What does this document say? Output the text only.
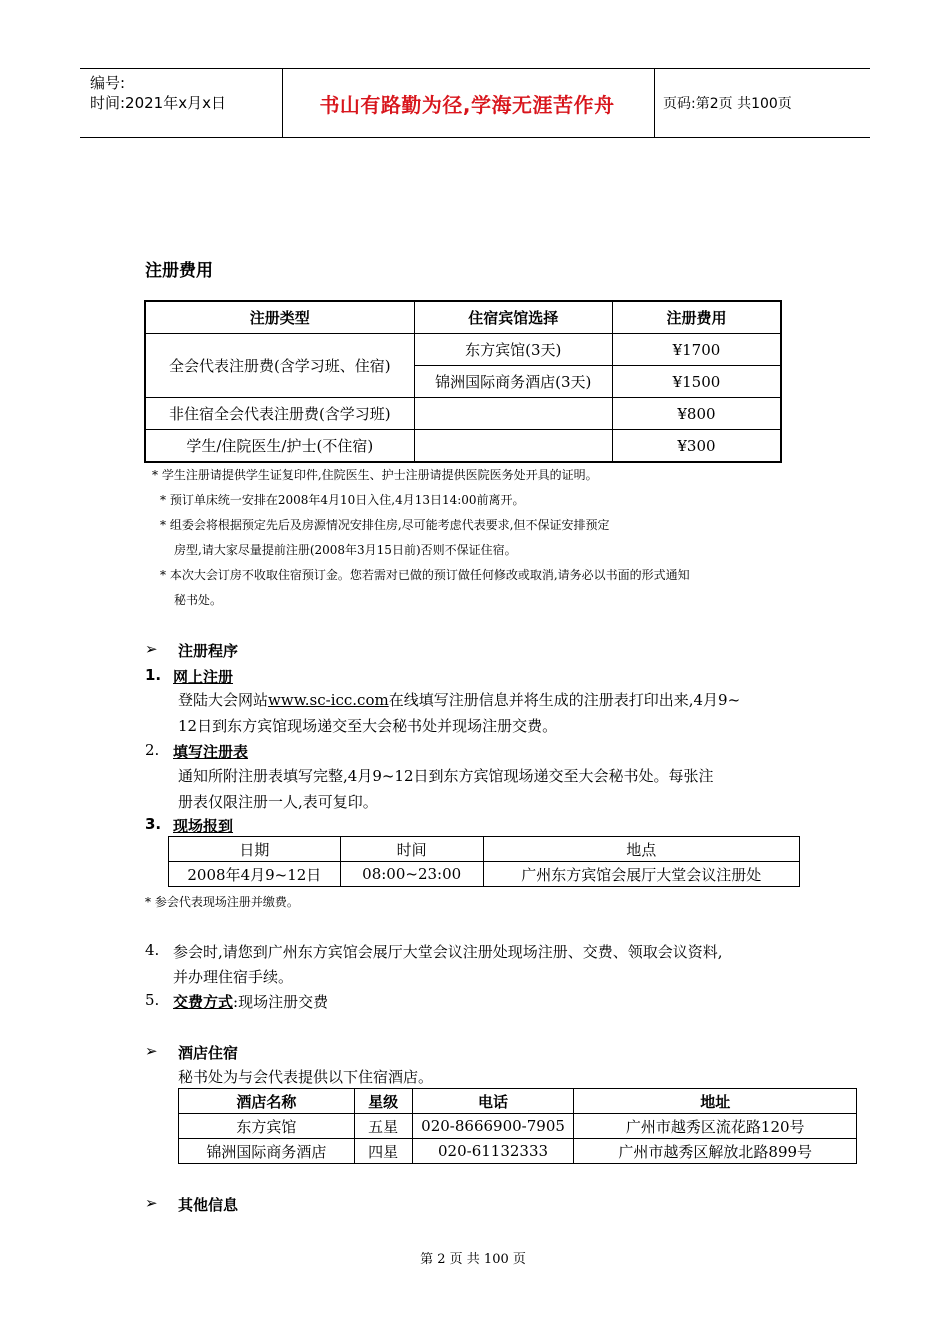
编号:
时间:2021年x月x日	书山有路勤为径,学海无涯苦作舟	页码:第2页 共100页
注册费用
注册类型	住宿宾馆选择	注册费用
全会代表注册费(含学习班、住宿)	东方宾馆(3天)	¥1700
	锦洲国际商务酒店(3天)	¥1500
非住宿全会代表注册费(含学习班)		¥800
学生/住院医生/护士(不住宿)		¥300
* 学生注册请提供学生证复印件,住院医生、护士注册请提供医院医务处开具的证明。
* 预订单床统一安排在2008年4月10日入住,4月13日14:00前离开。
* 组委会将根据预定先后及房源情况安排住房,尽可能考虑代表要求,但不保证安排预定
房型,请大家尽量提前注册(2008年3月15日前)否则不保证住宿。
* 本次大会订房不收取住宿预订金。您若需对已做的预订做任何修改或取消,请务必以书面的形式通知
秘书处。
➢ 注册程序
1. 网上注册
登陆大会网站www.sc-icc.com在线填写注册信息并将生成的注册表打印出来,4月9~
12日到东方宾馆现场递交至大会秘书处并现场注册交费。
2. 填写注册表
通知所附注册表填写完整,4月9~12日到东方宾馆现场递交至大会秘书处。每张注
册表仅限注册一人,表可复印。
3. 现场报到
日期	时间	地点
2008年4月9~12日	08:00~23:00	广州东方宾馆会展厅大堂会议注册处
* 参会代表现场注册并缴费。
4. 参会时,请您到广州东方宾馆会展厅大堂会议注册处现场注册、交费、领取会议资料,
并办理住宿手续。
5. 交费方式:现场注册交费
➢ 酒店住宿
秘书处为与会代表提供以下住宿酒店。
酒店名称	星级	电话	地址
东方宾馆	五星	020-8666900-7905	广州市越秀区流花路120号
锦洲国际商务酒店	四星	020-61132333	广州市越秀区解放北路899号
➢ 其他信息
第 2 页 共 100 页
